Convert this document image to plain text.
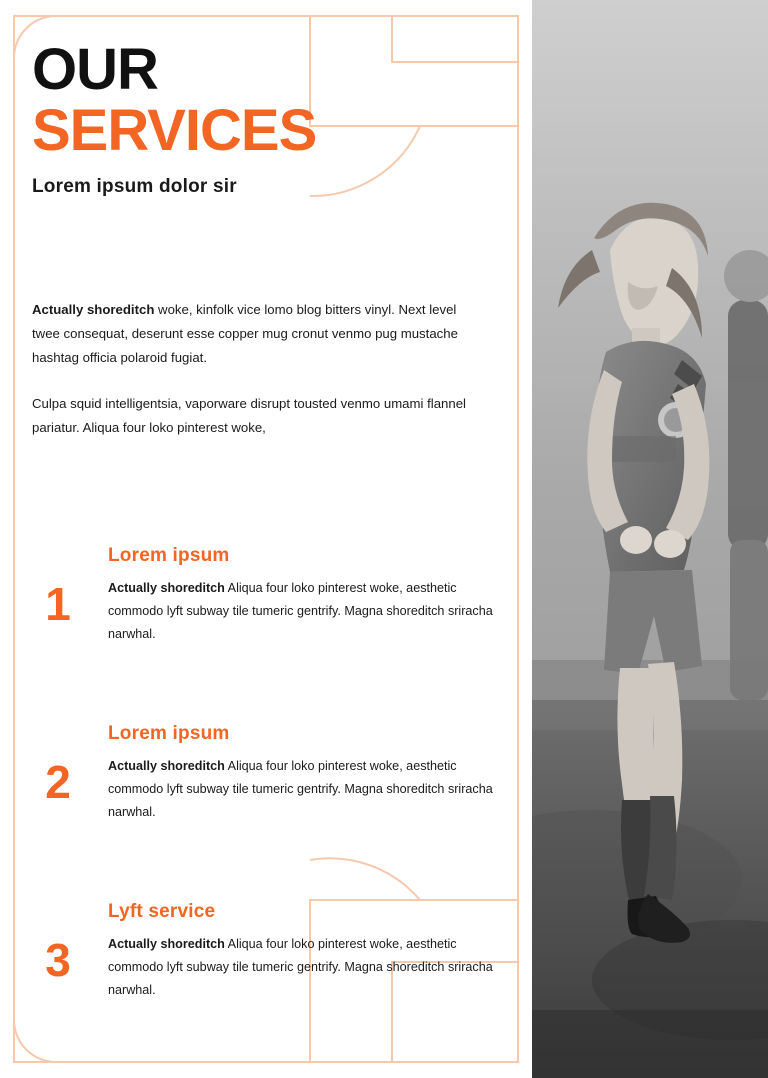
OUR
SERVICES

Lorem ipsum dolor sir

Actually shoreditch woke, kinfolk vice lomo blog bitters vinyl. Next level twee consequat, deserunt esse copper mug cronut venmo pug mustache hashtag officia polaroid fugiat.

Culpa squid intelligentsia, vaporware disrupt tousted venmo umami flannel pariatur. Aliqua four loko pinterest woke,

1
Lorem ipsum

Actually shoreditch Aliqua four loko pinterest woke, aesthetic commodo lyft subway tile tumeric gentrify. Magna shoreditch sriracha narwhal.

2
Lorem ipsum

Actually shoreditch Aliqua four loko pinterest woke, aesthetic commodo lyft subway tile tumeric gentrify. Magna shoreditch sriracha narwhal.

3
Lyft service

Actually shoreditch Aliqua four loko pinterest woke, aesthetic commodo lyft subway tile tumeric gentrify. Magna shoreditch sriracha narwhal.
